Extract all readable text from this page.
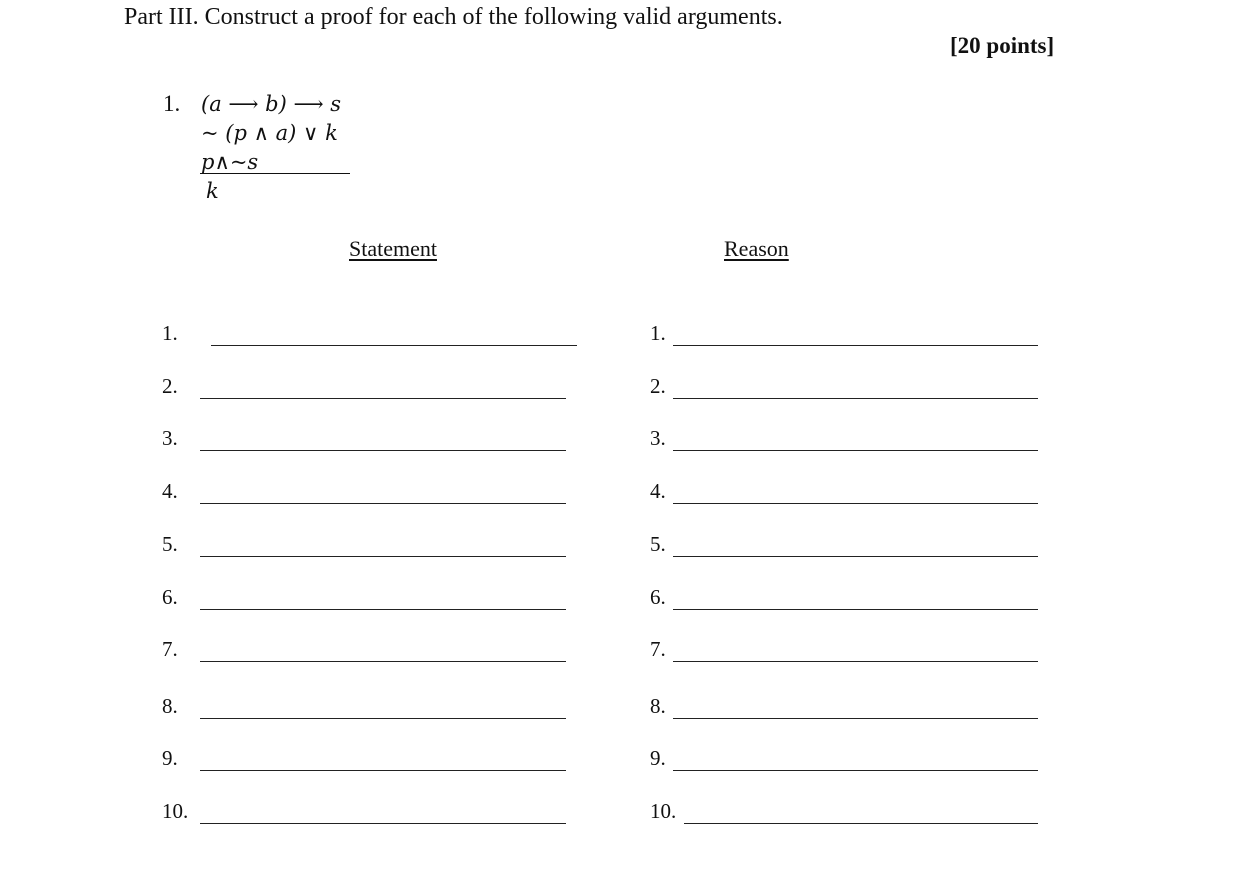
Part III. Construct a proof for each of the following valid arguments.
[20 points]
1. (a ⟶ b) ⟶ s
~ (p ∧ a) ∨ k
p∧~s
k
Statement	Reason
1.	1.
2.	2.
3.	3.
4.	4.
5.	5.
6.	6.
7.	7.
8.	8.
9.	9.
10.	10.
